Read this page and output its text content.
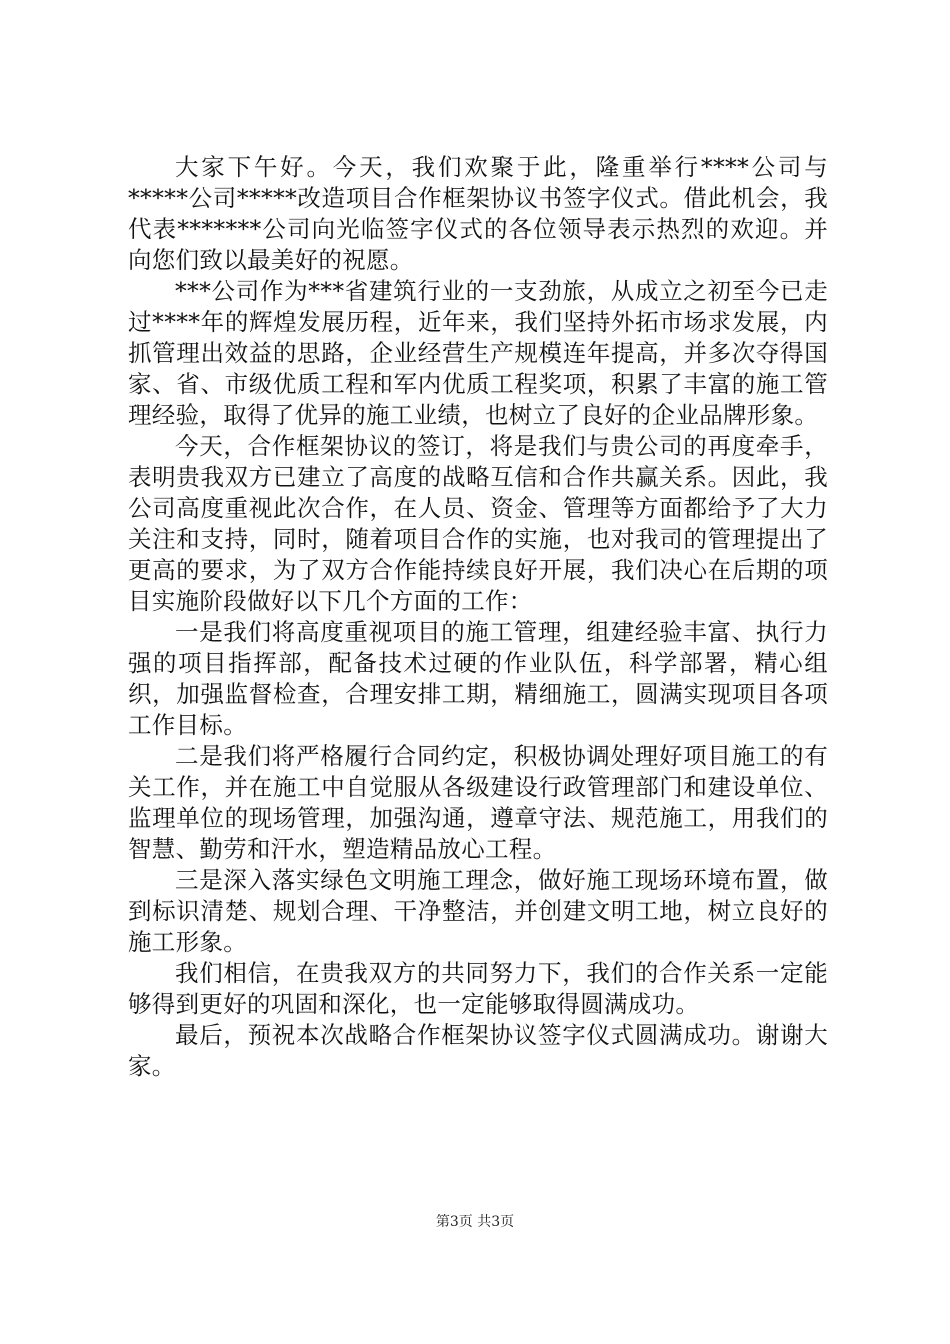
大家下午好。今天，我们欢聚于此，隆重举行****公司与*****公司*****改造项目合作框架协议书签字仪式。借此机会，我代表*******公司向光临签字仪式的各位领导表示热烈的欢迎。并向您们致以最美好的祝愿。

***公司作为***省建筑行业的一支劲旅，从成立之初至今已走过****年的辉煌发展历程，近年来，我们坚持外拓市场求发展，内抓管理出效益的思路，企业经营生产规模连年提高，并多次夺得国家、省、市级优质工程和军内优质工程奖项，积累了丰富的施工管理经验，取得了优异的施工业绩，也树立了良好的企业品牌形象。

今天，合作框架协议的签订，将是我们与贵公司的再度牵手，表明贵我双方已建立了高度的战略互信和合作共赢关系。因此，我公司高度重视此次合作，在人员、资金、管理等方面都给予了大力关注和支持，同时，随着项目合作的实施，也对我司的管理提出了更高的要求，为了双方合作能持续良好开展，我们决心在后期的项目实施阶段做好以下几个方面的工作：

一是我们将高度重视项目的施工管理，组建经验丰富、执行力强的项目指挥部，配备技术过硬的作业队伍，科学部署，精心组织，加强监督检查，合理安排工期，精细施工，圆满实现项目各项工作目标。

二是我们将严格履行合同约定，积极协调处理好项目施工的有关工作，并在施工中自觉服从各级建设行政管理部门和建设单位、监理单位的现场管理，加强沟通，遵章守法、规范施工，用我们的智慧、勤劳和汗水，塑造精品放心工程。

三是深入落实绿色文明施工理念，做好施工现场环境布置，做到标识清楚、规划合理、干净整洁，并创建文明工地，树立良好的施工形象。

我们相信，在贵我双方的共同努力下，我们的合作关系一定能够得到更好的巩固和深化，也一定能够取得圆满成功。

最后，预祝本次战略合作框架协议签字仪式圆满成功。谢谢大家。

第3页 共3页
